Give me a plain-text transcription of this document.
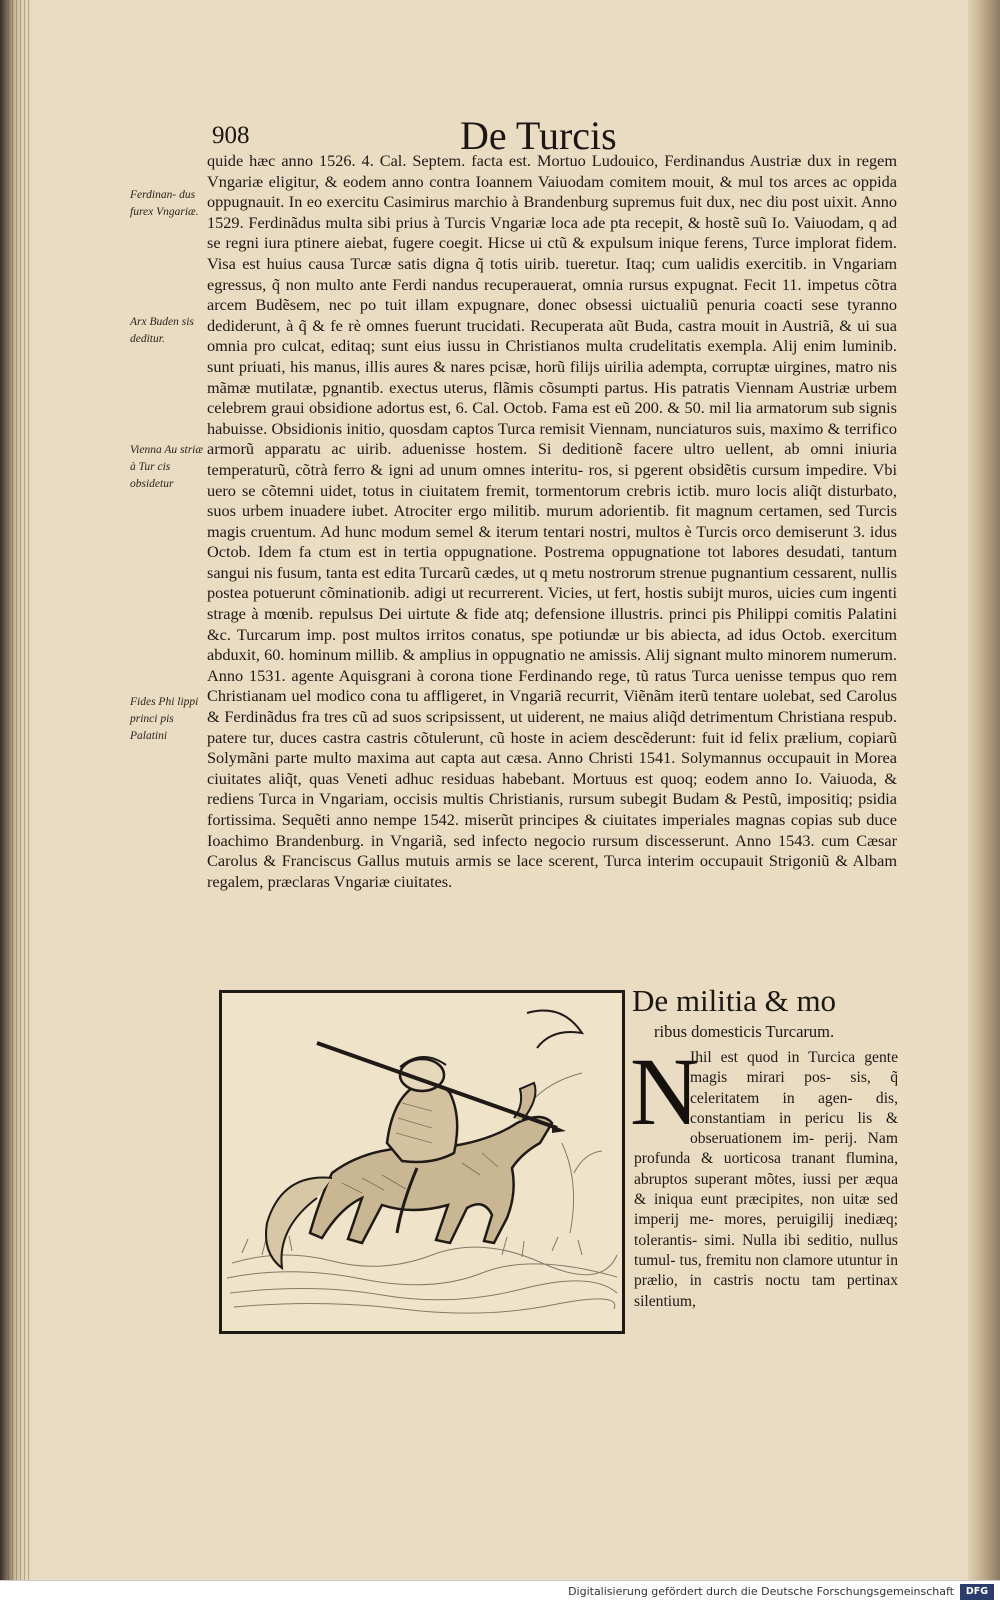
908	De Turcis
Ferdinan- dus furex Vngariæ.
Arx Buden sis deditur.
Vienna Au striæ à Tur cis obsidetur
Fides Phi lippi princi pis Palatini

quide hæc anno 1526. 4. Cal. Septem. facta est. Mortuo Ludouico, Ferdinandus Austriæ dux in regem Vngariæ eligitur, & eodem anno contra Ioannem Vaiuodam comitem mouit, & mul tos arces ac oppida oppugnauit. In eo exercitu Casimirus marchio à Brandenburg supremus fuit dux, nec diu post uixit. Anno 1529. Ferdinãdus multa sibi prius à Turcis Vngariæ loca ade pta recepit, & hostẽ suũ Io. Vaiuodam, q ad se regni iura ptinere aiebat, fugere coegit. Hicse ui ctũ & expulsum inique ferens, Turce implorat fidem. Visa est huius causa Turcæ satis digna q̃ totis uirib. tueretur. Itaq; cum ualidis exercitib. in Vngariam egressus, q̃ non multo ante Ferdi nandus recuperauerat, omnia rursus expugnat. Fecit 11. impetus cõtra arcem Budẽsem, nec po tuit illam expugnare, donec obsessi uictualiũ penuria coacti sese tyranno dediderunt, à q̃ & fe rè omnes fuerunt trucidati. Recuperata aũt Buda, castra mouit in Austriã, & ui sua omnia pro culcat, editaq; sunt eius iussu in Christianos multa crudelitatis exempla. Alij enim luminib. sunt priuati, his manus, illis aures & nares pcisæ, horũ filijs uirilia adempta, corruptæ uirgines, matro nis mãmæ mutilatæ, pgnantib. exectus uterus, flãmis cõsumpti partus. His patratis Viennam Austriæ urbem celebrem graui obsidione adortus est, 6. Cal. Octob. Fama est eũ 200. & 50. mil lia armatorum sub signis habuisse. Obsidionis initio, quosdam captos Turca remisit Viennam, nunciaturos suis, maximo & terrifico armorũ apparatu ac uirib. aduenisse hostem. Si deditionẽ facere ultro uellent, ab omni iniuria temperaturũ, cõtrà ferro & igni ad unum omnes interitu- ros, si pgerent obsidẽtis cursum impedire. Vbi uero se cõtemni uidet, totus in ciuitatem fremit, tormentorum crebris ictib. muro locis aliq̃t disturbato, suos urbem inuadere iubet. Atrociter ergo militib. murum adorientib. fit magnum certamen, sed Turcis magis cruentum. Ad hunc modum semel & iterum tentari nostri, multos è Turcis orco demiserunt 3. idus Octob. Idem fa ctum est in tertia oppugnatione. Postrema oppugnatione tot labores desudati, tantum sangui nis fusum, tanta est edita Turcarũ cædes, ut q metu nostrorum strenue pugnantium cessarent, nullis postea potuerunt cõminationib. adigi ut recurrerent. Vicies, ut fert, hostis subijt muros, uicies cum ingenti strage à mœnib. repulsus Dei uirtute & fide atq; defensione illustris. princi pis Philippi comitis Palatini &c. Turcarum imp. post multos irritos conatus, spe potiundæ ur bis abiecta, ad idus Octob. exercitum abduxit, 60. hominum millib. & amplius in oppugnatio ne amissis. Alij signant multo minorem numerum. Anno 1531. agente Aquisgrani à corona tione Ferdinando rege, tũ ratus Turca uenisse tempus quo rem Christianam uel modico cona tu affligeret, in Vngariã recurrit, Viẽnãm iterũ tentare uolebat, sed Carolus & Ferdinãdus fra tres cũ ad suos scripsissent, ut uiderent, ne maius aliq̃d detrimentum Christiana respub. patere tur, duces castra castris cõtulerunt, cũ hoste in aciem descẽderunt: fuit id felix prælium, copiarũ Solymãni parte multo maxima aut capta aut cæsa. Anno Christi 1541. Solymannus occupauit in Morea ciuitates aliq̃t, quas Veneti adhuc residuas habebant. Mortuus est quoq; eodem anno Io. Vaiuoda, & rediens Turca in Vngariam, occisis multis Christianis, rursum subegit Budam & Pestũ, impositiq; psidia fortissima. Sequẽti anno nempe 1542. miserũt principes & ciuitates imperiales magnas copias sub duce Ioachimo Brandenburg. in Vngariã, sed infecto negocio rursum discesserunt. Anno 1543. cum Cæsar Carolus & Franciscus Gallus mutuis armis se lace scerent, Turca interim occupauit Strigoniũ & Albam regalem, præclaras Vngariæ ciuitates.

De militia & mo
ribus domesticis Turcarum.
N

Ihil est quod in Turcica gente magis mirari pos- sis, q̃ celeritatem in agen- dis, constantiam in pericu lis & obseruationem im- perij. Nam profunda & uorticosa tranant flumina, abruptos superant mõtes, iussi per æqua & iniqua eunt præcipites, non uitæ sed imperij me- mores, peruigilij inediæq; tolerantis- simi. Nulla ibi seditio, nullus tumul- tus, fremitu non clamore utuntur in prælio, in castris noctu tam pertinax silentium,

Digitalisierung gefördert durch die Deutsche Forschungsgemeinschaft	DFG
